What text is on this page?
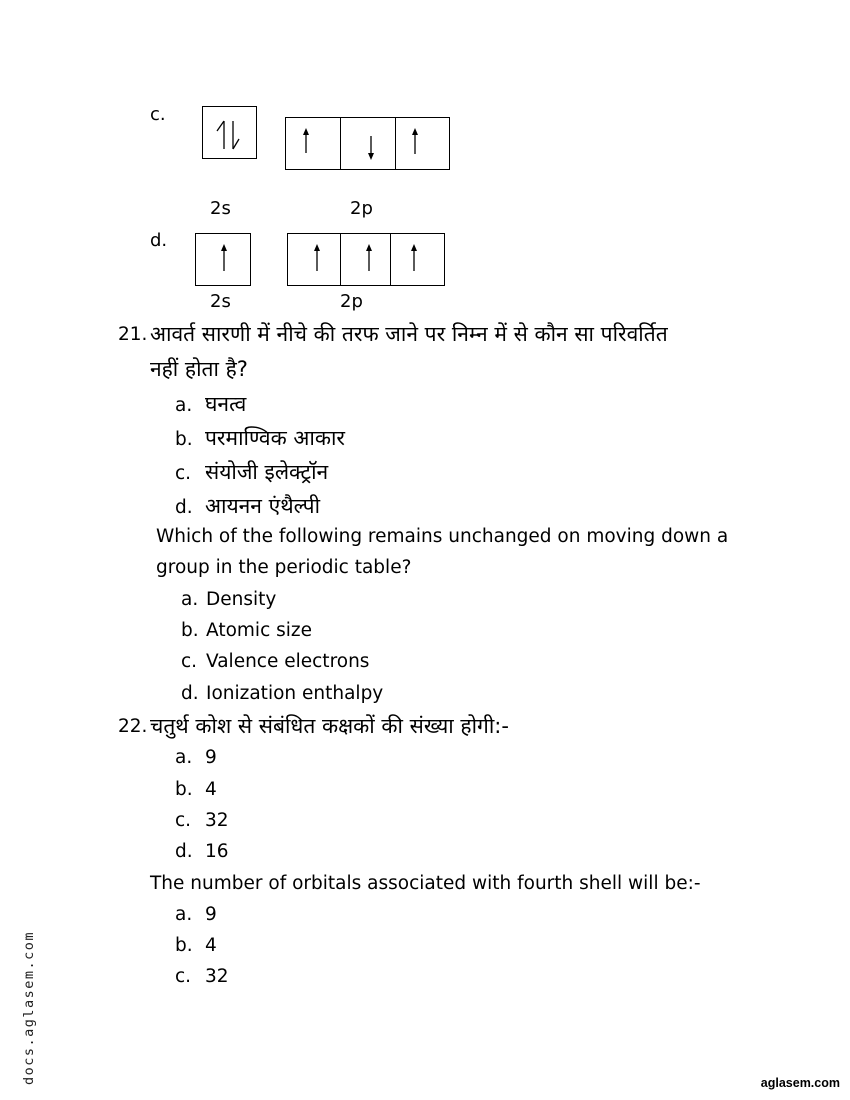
c.
2s	2p
d.
2s	2p
21. आवर्त सारणी में नीचे की तरफ जाने पर निम्न में से कौन सा परिवर्तित
नहीं होता है?
a. घनत्व
b. परमाण्विक आकार
c. संयोजी इलेक्ट्रॉन
d. आयनन एंथैल्पी
Which of the following remains unchanged on moving down a
group in the periodic table?
a. Density
b. Atomic size
c. Valence electrons
d. Ionization enthalpy
22. चतुर्थ कोश से संबंधित कक्षकों की संख्या होगी:-
a. 9
b. 4
c. 32
d. 16
The number of orbitals associated with fourth shell will be:-
a. 9
b. 4
c. 32
docs.aglasem.com	aglasem.com
